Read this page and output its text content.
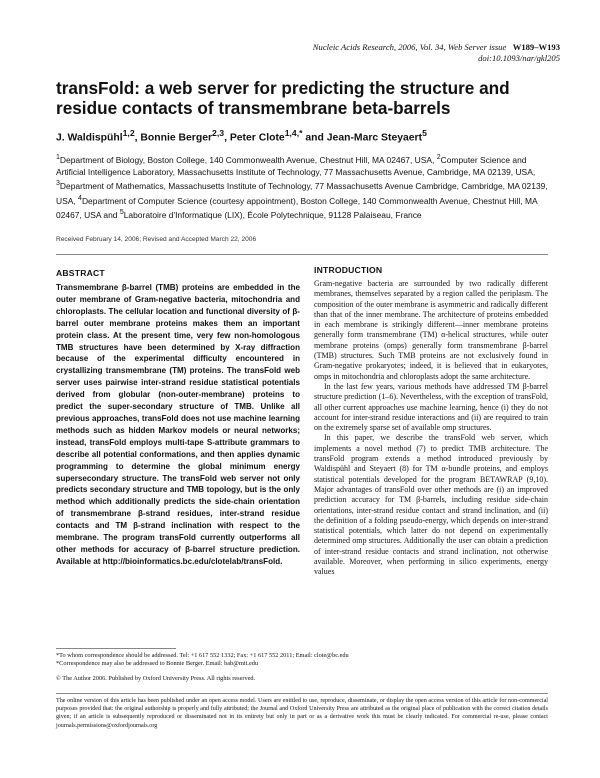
Nucleic Acids Research, 2006, Vol. 34, Web Server issue W189–W193
doi:10.1093/nar/gkl205
transFold: a web server for predicting the structure and residue contacts of transmembrane beta-barrels
J. Waldispühl$^{1,2}$, Bonnie Berger$^{2,3}$, Peter Clote$^{1,4,*}$ and Jean-Marc Steyaert$^5$
$^1$Department of Biology, Boston College, 140 Commonwealth Avenue, Chestnut Hill, MA 02467, USA, $^2$Computer Science and Artificial Intelligence Laboratory, Massachusetts Institute of Technology, 77 Massachusetts Avenue, Cambridge, MA 02139, USA, $^3$Department of Mathematics, Massachusetts Institute of Technology, 77 Massachusetts Avenue Cambridge, Cambridge, MA 02139, USA, $^4$Department of Computer Science (courtesy appointment), Boston College, 140 Commonwealth Avenue, Chestnut Hill, MA 02467, USA and $^5$Laboratoire d'Informatique (LIX), École Polytechnique, 91128 Palaiseau, France
Received February 14, 2006; Revised and Accepted March 22, 2006
ABSTRACT
Transmembrane β-barrel (TMB) proteins are embedded in the outer membrane of Gram-negative bacteria, mitochondria and chloroplasts. The cellular location and functional diversity of β-barrel outer membrane proteins makes them an important protein class. At the present time, very few non-homologous TMB structures have been determined by X-ray diffraction because of the experimental difficulty encountered in crystallizing transmembrane (TM) proteins. The transFold web server uses pairwise inter-strand residue statistical potentials derived from globular (non-outer-membrane) proteins to predict the super-secondary structure of TMB. Unlike all previous approaches, transFold does not use machine learning methods such as hidden Markov models or neural networks; instead, transFold employs multi-tape S-attribute grammars to describe all potential conformations, and then applies dynamic programming to determine the global minimum energy supersecondary structure. The transFold web server not only predicts secondary structure and TMB topology, but is the only method which additionally predicts the side-chain orientation of transmembrane β-strand residues, inter-strand residue contacts and TM β-strand inclination with respect to the membrane. The program transFold currently outperforms all other methods for accuracy of β-barrel structure prediction. Available at http://bioinformatics.bc.edu/clotelab/transFold.
INTRODUCTION

Gram-negative bacteria are surrounded by two radically different membranes, themselves separated by a region called the periplasm. The composition of the outer membrane is asymmetric and radically different than that of the inner membrane. The architecture of proteins embedded in each membrane is strikingly different—inner membrane proteins generally form transmembrane (TM) α-helical structures, while outer membrane proteins (omps) generally form transmembrane β-barrel (TMB) structures. Such TMB proteins are not exclusively found in Gram-negative prokaryotes; indeed, it is believed that in eukaryotes, omps in mitochondria and chloroplasts adopt the same architecture.

In the last few years, various methods have addressed TM β-barrel structure prediction (1–6). Nevertheless, with the exception of transFold, all other current approaches use machine learning, hence (i) they do not account for inter-strand residue interactions and (ii) are required to train on the extremely sparse set of available omp structures.

In this paper, we describe the transFold web server, which implements a novel method (7) to predict TMB architecture. The transFold program extends a method introduced previously by Waldispühl and Steyaert (8) for TM α-bundle proteins, and employs statistical potentials developed for the program BETAWRAP (9,10). Major advantages of transFold over other methods are (i) an improved prediction accuracy for TM β-barrels, including residue side-chain orientations, inter-strand residue contact and strand inclination, and (ii) the definition of a folding pseudo-energy, which depends on inter-strand statistical potentials, which latter do not depend on experimentally determined omp structures. Additionally the user can obtain a prediction of inter-strand residue contacts and strand inclination, not otherwise available. Moreover, when performing in silico experiments, energy values

*To whom correspondence should be addressed. Tel: +1 617 552 1332; Fax: +1 617 552 2011; Email: clote@bc.edu
*Correspondence may also be addressed to Bonnie Berger. Email: bab@mit.edu
© The Author 2006. Published by Oxford University Press. All rights reserved.
The online version of this article has been published under an open access model. Users are entitled to use, reproduce, disseminate, or display the open access version of this article for non-commercial purposes provided that: the original authorship is properly and fully attributed; the Journal and Oxford University Press are attributed as the original place of publication with the correct citation details given; if an article is subsequently reproduced or disseminated not in its entirety but only in part or as a derivative work this must be clearly indicated. For commercial re-use, please contact journals.permissions@oxfordjournals.org
